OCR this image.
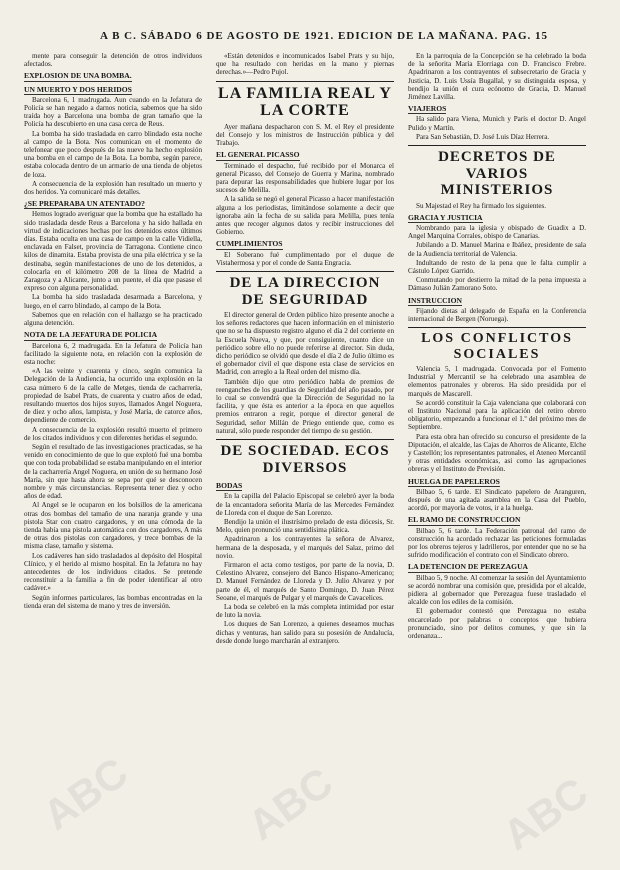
A B C. SÁBADO 6 DE AGOSTO DE 1921. EDICION DE LA MAÑANA. PAG. 15

mente para conseguir la detención de otros individuos afectados.

EXPLOSION DE UNA BOMBA.UN MUERTO Y DOS HERIDOS

Barcelona 6, 1 madrugada. Aun cuando en la Jefatura de Policía se han negado a darnos noticia, sabemos que ha sido traída hoy a Barcelona una bomba de gran tamaño que la Policía ha descubierto en una casa cerca de Reus.

La bomba ha sido trasladada en carro blindado esta noche al campo de la Bota. Nos comunican en el momento de telefonear que poco después de las nueve ha hecho explosión una bomba en el campo de la Bota. La bomba, según parece, estaba colocada dentro de un armario de una tienda de objetos de loza.

A consecuencia de la explosión han resultado un muerto y dos heridos. Ya comunicaré más detalles.

¿SE PREPARABA UN ATENTADO?

Hemos logrado averiguar que la bomba que ha estallado ha sido trasladada desde Reus a Barcelona y ha sido hallada en virtud de indicaciones hechas por los detenidos estos últimos días. Estaba oculta en una casa de campo en la calle Vidiella, enclavada en Falset, provincia de Tarragona. Contiene cinco kilos de dinamita. Estaba provista de una pila eléctrica y se la destinaba, según manifestaciones de uno de los detenidos, a colocarla en el kilómetro 208 de la línea de Madrid a Zaragoza y a Alicante, junto a un puente, el día que pasase el expreso con alguna personalidad.

La bomba ha sido trasladada desarmada a Barcelona, y luego, en el carro blindado, al campo de la Bota.

Sabemos que en relación con el hallazgo se ha practicado alguna detención.

NOTA DE LA JEFATURA DE POLICIA

Barcelona 6, 2 madrugada. En la Jefatura de Policía han facilitado la siguiente nota, en relación con la explosión de esta noche:

«A las veinte y cuarenta y cinco, según comunica la Delegación de la Audiencia, ha ocurrido una explosión en la casa número 6 de la calle de Metges, tienda de cacharrería, propiedad de Isabel Prats, de cuarenta y cuatro años de edad, resultando muertos dos hijos suyos, llamados Angel Noguera, de diez y ocho años, lampista, y José María, de catorce años, dependiente de comercio.

A consecuencia de la explosión resultó muerto el primero de los citados individuos y con diferentes heridas el segundo.

Según el resultado de las investigaciones practicadas, se ha venido en conocimiento de que lo que explotó fué una bomba que con toda probabilidad se estaba manipulando en el interior de la cacharrería Angel Noguera, en unión de su hermano José María, sin que hasta ahora se sepa por qué se desconocen nombre y más circunstancias. Representa tener diez y ocho años de edad.

Al Angel se le ocuparon en los bolsillos de la americana otras dos bombas del tamaño de una naranja grande y una pistola Star con cuatro cargadores, y en una cómoda de la tienda había una pistola automática con dos cargadores, A más de otras dos pistolas con cargadores, y trece bombas de la misma clase, tamaño y sistema.

Los cadáveres han sido trasladados al depósito del Hospital Clínico, y el herido al mismo hospital. En la Jefatura no hay antecedentes de los individuos citados. Se pretende reconstituir a la familia a fin de poder identificar al otro cadáver.»

Según informes particulares, las bombas encontradas en la tienda eran del sistema de mano y tres de inversión.

«Están detenidos e incomunicados Isabel Prats y su hijo, que ha resultado con heridas en la mano y piernas derechas.»—Pedro Pujol.

LA FAMILIA REAL Y LA CORTE

Ayer mañana despacharon con S. M. el Rey el presidente del Consejo y los ministros de Instrucción pública y del Trabajo.

EL GENERAL PICASSO

Terminado el despacho, fué recibido por el Monarca el general Picasso, del Consejo de Guerra y Marina, nombrado para depurar las responsabilidades que hubiere lugar por los sucesos de Melilla.

A la salida se negó el general Picasso a hacer manifestación alguna a los periodistas, limitándose solamente a decir que ignoraba aún la fecha de su salida para Melilla, pues tenía antes que recoger algunos datos y recibir instrucciones del Gobierno.

CUMPLIMIENTOS

El Soberano fué cumplimentado por el duque de Vistahermosa y por el conde de Santa Engracia.

DE LA DIRECCION DE SEGURIDAD

El director general de Orden público hizo presente anoche a los señores redactores que hacen información en el ministerio que no se ha dispuesto registro alguno el día 2 del corriente en la Escuela Nueva, y que, por consiguiente, cuanto dice un periódico sobre ello no puede referirse al director. Sin duda, dicho periódico se olvidó que desde el día 2 de Julio último es el gobernador civil el que dispone esta clase de servicios en Madrid, con arreglo a la Real orden del mismo día.

También dijo que otro periódico habla de premios de reenganches de los guardias de Seguridad del año pasado, por lo cual se convendrá que la Dirección de Seguridad no la facilita, y que ésta es anterior a la época en que aquellos premios entraron a regir, porque el director general de Seguridad, señor Millán de Priego entiende que, como es natural, sólo puede responder del tiempo de su gestión.

DE SOCIEDAD. ECOS DIVERSOS
BODAS

En la capilla del Palacio Episcopal se celebró ayer la boda de la encantadora señorita María de las Mercedes Fernández de Lloreda con el duque de San Lorenzo.

Bendijo la unión el ilustrísimo prelado de esta diócesis, Sr. Melo, quien pronunció una sentidísima plática.

Apadrinaron a los contrayentes la señora de Alvarez, hermana de la desposada, y el marqués del Salaz, primo del novio.

Firmaron el acta como testigos, por parte de la novia, D. Celestino Alvarez, consejero del Banco Hispano-Americano; D. Manuel Fernández de Lloreda y D. Julio Alvarez y por parte de él, el marqués de Santo Domingo, D. Juan Pérez Seoane, el marqués de Pulgar y el marqués de Cavacelices.

La boda se celebró en la más completa intimidad por estar de luto la novia.

Los duques de San Lorenzo, a quienes deseamos muchas dichas y venturas, han salido para su posesión de Andalucía, desde donde luego marcharán al extranjero.

En la parroquia de la Concepción se ha celebrado la boda de la señorita María Elorriaga con D. Francisco Frebre. Apadrinaron a los contrayentes el subsecretario de Gracia y Justicia, D. Luis Ussía Bugallal, y su distinguida esposa, y bendijo la unión el cura ecónomo de Gracia, D. Manuel Jiménez Lavilla.

VIAJEROS

Ha salido para Viena, Munich y París el doctor D. Angel Pulido y Martín.

Para San Sebastián, D. José Luis Díaz Herrera.

DECRETOS DE VARIOS MINISTERIOS

Su Majestad el Rey ha firmado los siguientes.

GRACIA Y JUSTICIA

Nombrando para la iglesia y obispado de Guadix a D. Angel Marquina Corrales, obispo de Canarias.

Jubilando a D. Manuel Marina e Ibáñez, presidente de sala de la Audiencia territorial de Valencia.

Indultando de resto de la pena que le falta cumplir a Cástulo López Garrido.

Conmutando por destierro la mitad de la pena impuesta a Dámaso Julián Zamorano Soto.

INSTRUCCION

Fijando dietas al delegado de España en la Conferencia internacional de Bergen (Noruega).

LOS CONFLICTOS SOCIALES

Valencia 5, 1 madrugada. Convocada por el Fomento Industrial y Mercantil se ha celebrado una asamblea de elementos patronales y obreros. Ha sido presidida por el marqués de Mascarell.

Se acordó constituir la Caja valenciana que colaborará con el Instituto Nacional para la aplicación del retiro obrero obligatorio, empezando a funcionar el 1.º del próximo mes de Septiembre.

Para esta obra han ofrecido su concurso el presidente de la Diputación, el alcalde, las Cajas de Ahorros de Alicante, Elche y Castellón; los representantes patronales, el Ateneo Mercantil y otras entidades económicas, así como las agrupaciones obreras y el Instituto de Previsión.

HUELGA DE PAPELEROS

Bilbao 5, 6 tarde. El Sindicato papelero de Aranguren, después de una agitada asamblea en la Casa del Pueblo, acordó, por mayoría de votos, ir a la huelga.

EL RAMO DE CONSTRUCCION

Bilbao 5, 6 tarde. La Federación patronal del ramo de construcción ha acordado rechazar las peticiones formuladas por los obreros tejeros y ladrilleros, por entender que no se ha sufrido modificación el contrato con el Sindicato obrero.

LA DETENCION DE PEREZAGUA

Bilbao 5, 9 noche. Al comenzar la sesión del Ayuntamiento se acordó nombrar una comisión que, presidida por el alcalde, pidiera al gobernador que Perezagua fuese trasladado el alcalde con los ediles de la comisión.

El gobernador contestó que Perezagua no estaba encarcelado por palabras o conceptos que hubiera pronunciado, sino por delitos comunes, y que sin la ordenanza...

ABC ABC	ABC
